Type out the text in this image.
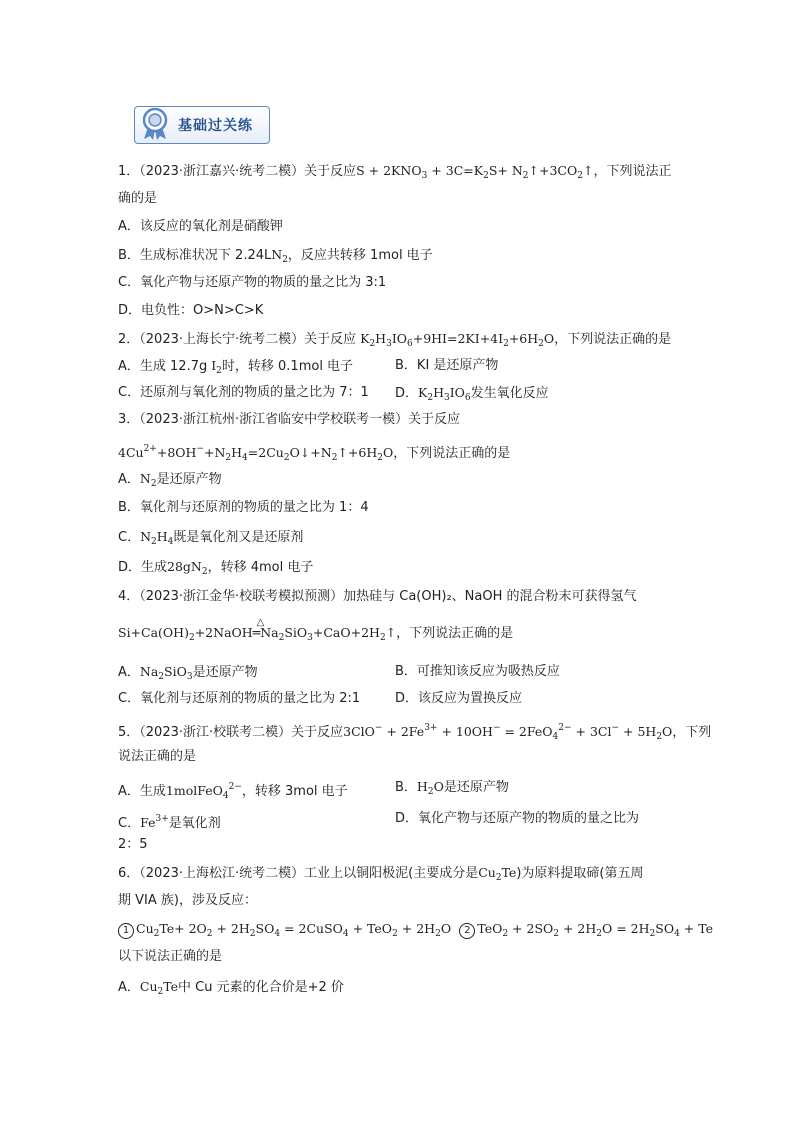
基础过关练
1．（2023·浙江嘉兴·统考二模）关于反应$S + 2KNO_3 + 3C=K_2S+$ $N_2↑+3CO_2↑$，下列说法正
确的是
A．该反应的氧化剂是硝酸钾
B．生成标准状况下 $2.24LN_2$，反应共转移 1mol 电子
C．氧化产物与还原产物的物质的量之比为 3:1
D．电负性：O>N>C>K
2．（2023·上海长宁·统考二模）关于反应 $K_2H_3IO_6+9HI=2KI+4I_2+6H_2O$，下列说法正确的是
A．生成 12.7g $I_2$时，转移 0.1mol 电子	B．KI 是还原产物
C．还原剂与氧化剂的物质的量之比为 7：1 D．$K_2H_3IO_6$发生氧化反应
3．（2023·浙江杭州·浙江省临安中学校联考一模）关于反应
$4Cu^{2+}+8OH^-+N_2H_4=2Cu_2O↓+N_2↑+6H_2O$，下列说法正确的是
A．$N_2$是还原产物
B．氧化剂与还原剂的物质的量之比为 1：4
C．$N_2H_4$既是氧化剂又是还原剂
D．生成$28gN_2$，转移 4mol 电子
4．（2023·浙江金华·校联考模拟预测）加热硅与 Ca(OH)₂、NaOH 的混合粉末可获得氢气
$Si+Ca(OH)_2+2NaOH═$
△
$Na_2SiO_3+CaO+2H_2↑$，下列说法正确的是
A．$Na_2SiO_3$是还原产物	B．可推知该反应为吸热反应
C．氧化剂与还原剂的物质的量之比为 2:1	D．该反应为置换反应
5．（2023·浙江·校联考二模）关于反应$3ClO^- + 2Fe^{3+} + 10OH^- = 2FeO_4^{2-} + 3Cl^- + 5H_2O$，下列
说法正确的是
A．生成1molFeO$_4^{2-}$，转移 3mol 电子	B．$H_2O$是还原产物
C．$Fe^{3+}$是氧化剂	D．氧化产物与还原产物的物质的量之比为
2：5
6．（2023·上海松江·统考二模）工业上以铜阳极泥(主要成分是$Cu_2Te$)为原料提取碲(第五周
期 VIA 族)，涉及反应：
1 $Cu_2Te+ 2O_2 + 2H_2SO_4$ = 2CuSO$_4$ + $TeO_2 + 2H_2O$ 2 $TeO_2 + 2SO_2 + 2H_2O = 2H_2SO_4 + Te$
以下说法正确的是
A．$Cu_2Te$中 Cu 元素的化合价是+2 价
